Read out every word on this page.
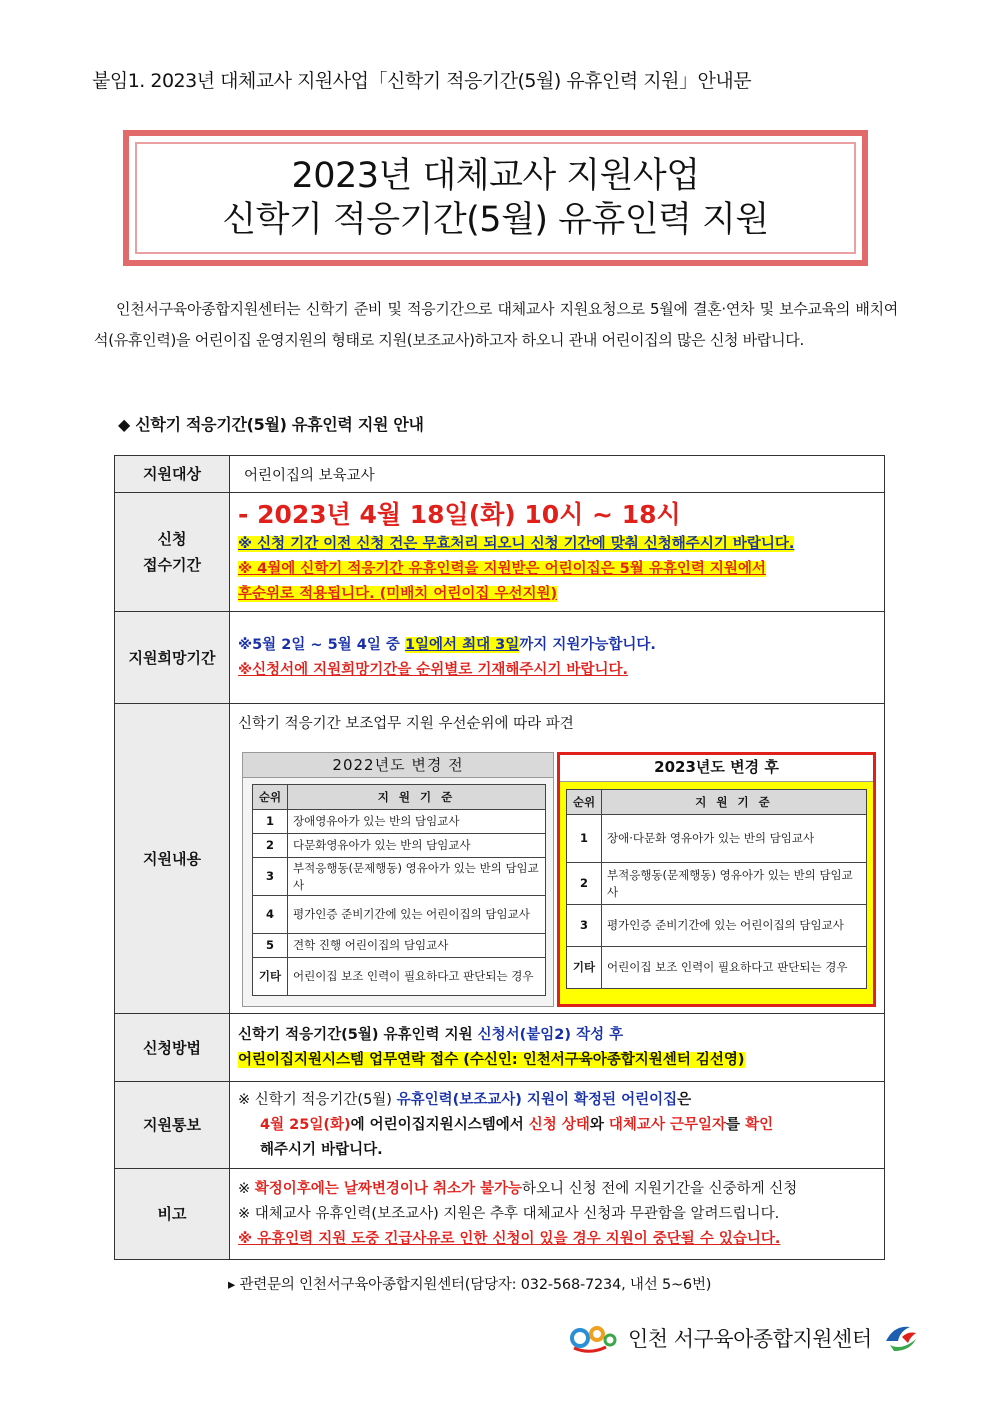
붙임1. 2023년 대체교사 지원사업「신학기 적응기간(5월) 유휴인력 지원」안내문
2023년 대체교사 지원사업
신학기 적응기간(5월) 유휴인력 지원
인천서구육아종합지원센터는 신학기 준비 및 적응기간으로 대체교사 지원요청으로 5월에 결혼·연차 및 보수교육의 배치여석(유휴인력)을 어린이집 운영지원의 형태로 지원(보조교사)하고자 하오니 관내 어린이집의 많은 신청 바랍니다.
◆ 신학기 적응기간(5월) 유휴인력 지원 안내
지원대상	어린이집의 보육교사

신청
접수기간

- 2023년 4월 18일(화) 10시 ~ 18시
※ 신청 기간 이전 신청 건은 무효처리 되오니 신청 기간에 맞춰 신청해주시기 바랍니다.
※ 4월에 신학기 적응기간 유휴인력을 지원받은 어린이집은 5월 유휴인력 지원에서
후순위로 적용됩니다. (미배치 어린이집 우선지원)

지원희망기간	
※5월 2일 ~ 5월 4일 중 1일에서 최대 3일까지 지원가능합니다.
※신청서에 지원희망기간을 순위별로 기재해주시기 바랍니다.

지원내용	
신학기 적응기간 보조업무 지원 우선순위에 따라 파견
2022년도 변경 전
순위	지 원 기 준
1	장애영유아가 있는 반의 담임교사
2	다문화영유아가 있는 반의 담임교사
3	부적응행동(문제행동) 영유아가 있는 반의 담임교사
4	평가인증 준비기간에 있는 어린이집의 담임교사
5	견학 진행 어린이집의 담임교사
기타	어린이집 보조 인력이 필요하다고 판단되는 경우
2023년도 변경 후
순위	지 원 기 준
1	장애·다문화 영유아가 있는 반의 담임교사
2	부적응행동(문제행동) 영유아가 있는 반의 담임교사
3	평가인증 준비기간에 있는 어린이집의 담임교사
기타	어린이집 보조 인력이 필요하다고 판단되는 경우

신청방법	
신학기 적응기간(5월) 유휴인력 지원 신청서(붙임2) 작성 후
어린이집지원시스템 업무연락 접수 (수신인: 인천서구육아종합지원센터 김선영)

지원통보	
※ 신학기 적응기간(5월) 유휴인력(보조교사) 지원이 확정된 어린이집은
4월 25일(화)에 어린이집지원시스템에서 신청 상태와 대체교사 근무일자를 확인
해주시기 바랍니다.

비고	
※ 확정이후에는 날짜변경이나 취소가 불가능하오니 신청 전에 지원기간을 신중하게 신청
※ 대체교사 유휴인력(보조교사) 지원은 추후 대체교사 신청과 무관함을 알려드립니다.
※ 유휴인력 지원 도중 긴급사유로 인한 신청이 있을 경우 지원이 중단될 수 있습니다.
▸ 관련문의 인천서구육아종합지원센터(담당자: 032-568-7234, 내선 5~6번)
인천 서구육아종합지원센터
